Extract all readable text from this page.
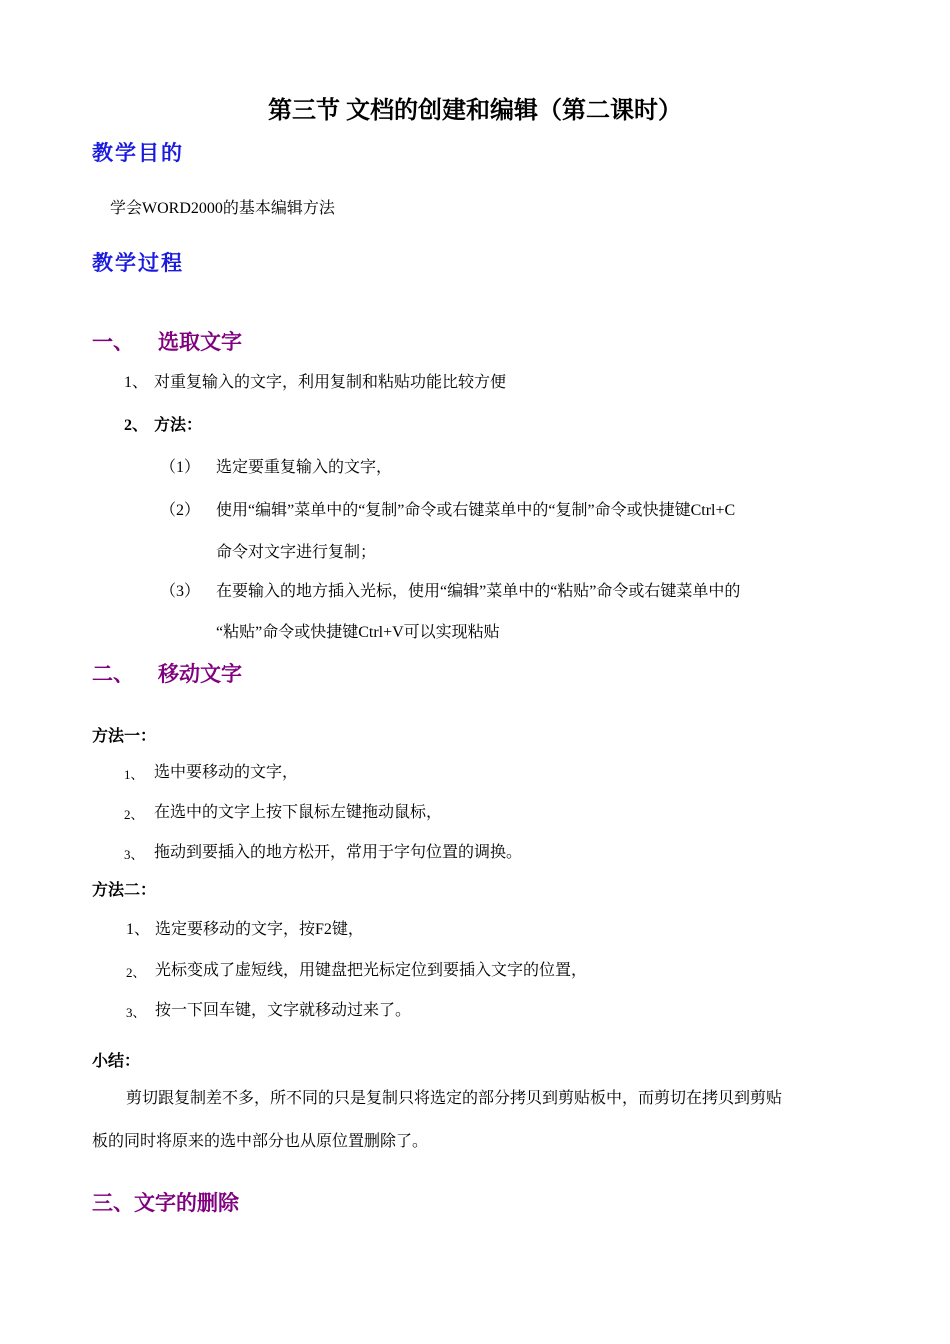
第三节 文档的创建和编辑（第二课时）
教学目的
学会WORD2000的基本编辑方法
教学过程
一、 选取文字
1、 对重复输入的文字，利用复制和粘贴功能比较方便
2、 方法：
（1） 选定要重复输入的文字，
（2） 使用“编辑”菜单中的“复制”命令或右键菜单中的“复制”命令或快捷键Ctrl+C
命令对文字进行复制；
（3） 在要输入的地方插入光标，使用“编辑”菜单中的“粘贴”命令或右键菜单中的
“粘贴”命令或快捷键Ctrl+V可以实现粘贴
二、 移动文字
方法一：
1、 选中要移动的文字，
2、 在选中的文字上按下鼠标左键拖动鼠标，
3、 拖动到要插入的地方松开，常用于字句位置的调换。
方法二：
1、 选定要移动的文字，按F2键，
2、 光标变成了虚短线，用键盘把光标定位到要插入文字的位置，
3、 按一下回车键，文字就移动过来了。
小结：
剪切跟复制差不多，所不同的只是复制只将选定的部分拷贝到剪贴板中，而剪切在拷贝到剪贴
板的同时将原来的选中部分也从原位置删除了。
三、文字的删除
